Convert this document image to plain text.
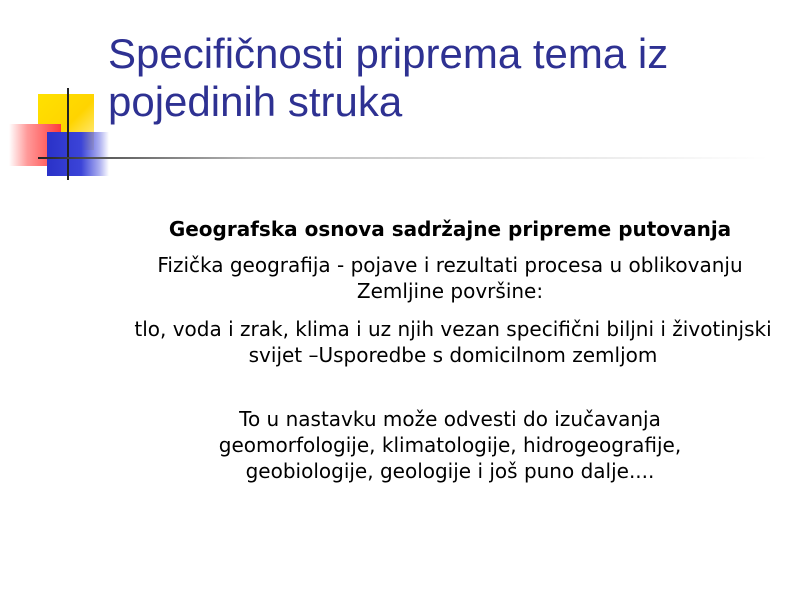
Specifičnosti priprema tema iz pojedinih struka

Geografska osnova sadržajne pripreme putovanja

Fizička geografija - pojave i rezultati procesa u oblikovanju Zemljine površine:

tlo, voda i zrak, klima i uz njih vezan specifični biljni i životinjski svijet –Usporedbe s domicilnom zemljom

To u nastavku može odvesti do izučavanja geomorfologije, klimatologije, hidrogeografije, geobiologije, geologije i još puno dalje....
